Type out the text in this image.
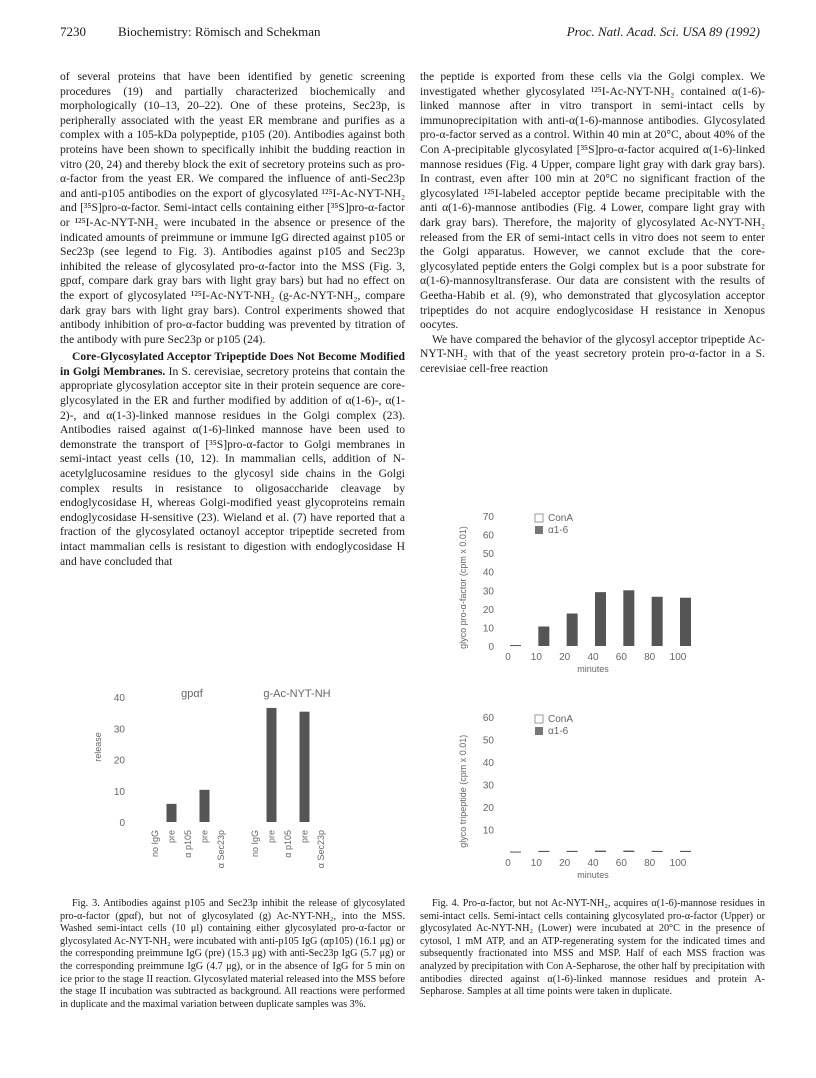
7230 Biochemistry: Römisch and Schekman	Proc. Natl. Acad. Sci. USA 89 (1992)

of several proteins that have been identified by genetic screening procedures (19) and partially characterized biochemically and morphologically (10–13, 20–22). One of these proteins, Sec23p, is peripherally associated with the yeast ER membrane and purifies as a complex with a 105-kDa polypeptide, p105 (20). Antibodies against both proteins have been shown to specifically inhibit the budding reaction in vitro (20, 24) and thereby block the exit of secretory proteins such as pro-α-factor from the yeast ER. We compared the influence of anti-Sec23p and anti-p105 antibodies on the export of glycosylated ¹²⁵I-Ac-NYT-NH₂ and [³⁵S]pro-α-factor. Semi-intact cells containing either [³⁵S]pro-α-factor or ¹²⁵I-Ac-NYT-NH₂ were incubated in the absence or presence of the indicated amounts of preimmune or immune IgG directed against p105 or Sec23p (see legend to Fig. 3). Antibodies against p105 and Sec23p inhibited the release of glycosylated pro-α-factor into the MSS (Fig. 3, gpαf, compare dark gray bars with light gray bars) but had no effect on the export of glycosylated ¹²⁵I-Ac-NYT-NH₂ (g-Ac-NYT-NH₂, compare dark gray bars with light gray bars). Control experiments showed that antibody inhibition of pro-α-factor budding was prevented by titration of the antibody with pure Sec23p or p105 (24).

Core-Glycosylated Acceptor Tripeptide Does Not Become Modified in Golgi Membranes. In S. cerevisiae, secretory proteins that contain the appropriate glycosylation acceptor site in their protein sequence are core-glycosylated in the ER and further modified by addition of α(1-6)-, α(1-2)-, and α(1-3)-linked mannose residues in the Golgi complex (23). Antibodies raised against α(1-6)-linked mannose have been used to demonstrate the transport of [³⁵S]pro-α-factor to Golgi membranes in semi-intact yeast cells (10, 12). In mammalian cells, addition of N-acetylglucosamine residues to the glycosyl side chains in the Golgi complex results in resistance to oligosaccharide cleavage by endoglycosidase H, whereas Golgi-modified yeast glycoproteins remain endoglycosidase H-sensitive (23). Wieland et al. (7) have reported that a fraction of the glycosylated octanoyl acceptor tripeptide secreted from intact mammalian cells is resistant to digestion with endoglycosidase H and have concluded that

0
10
20
30
40
release
gpαf
no IgG pre α p105 pre α Sec23p
g-Ac-NYT-NH
no IgG pre α p105 pre α Sec23p

Fig. 3. Antibodies against p105 and Sec23p inhibit the release of glycosylated pro-α-factor (gpαf), but not of glycosylated (g) Ac-NYT-NH₂, into the MSS. Washed semi-intact cells (10 μl) containing either glycosylated pro-α-factor or glycosylated Ac-NYT-NH₂ were incubated with anti-p105 IgG (αp105) (16.1 μg) or the corresponding preimmune IgG (pre) (15.3 μg) with anti-Sec23p IgG (5.7 μg) or the corresponding preimmune IgG (4.7 μg), or in the absence of IgG for 5 min on ice prior to the stage II reaction. Glycosylated material released into the MSS before the stage II incubation was subtracted as background. All reactions were performed in duplicate and the maximal variation between duplicate samples was 3%.

the peptide is exported from these cells via the Golgi complex. We investigated whether glycosylated ¹²⁵I-Ac-NYT-NH₂ contained α(1-6)-linked mannose after in vitro transport in semi-intact cells by immunoprecipitation with anti-α(1-6)-mannose antibodies. Glycosylated pro-α-factor served as a control. Within 40 min at 20°C, about 40% of the Con A-precipitable glycosylated [³⁵S]pro-α-factor acquired α(1-6)-linked mannose residues (Fig. 4 Upper, compare light gray with dark gray bars). In contrast, even after 100 min at 20°C no significant fraction of the glycosylated ¹²⁵I-labeled acceptor peptide became precipitable with the anti α(1-6)-mannose antibodies (Fig. 4 Lower, compare light gray with dark gray bars). Therefore, the majority of glycosylated Ac-NYT-NH₂ released from the ER of semi-intact cells in vitro does not seem to enter the Golgi apparatus. However, we cannot exclude that the core-glycosylated peptide enters the Golgi complex but is a poor substrate for α(1-6)-mannosyltransferase. Our data are consistent with the results of Geetha-Habib et al. (9), who demonstrated that glycosylation acceptor tripeptides do not acquire endoglycosidase H resistance in Xenopus oocytes.

We have compared the behavior of the glycosyl acceptor tripeptide Ac-NYT-NH₂ with that of the yeast secretory protein pro-α-factor in a S. cerevisiae cell-free reaction

0
10
20
30
40
50
60
70
glyco pro-α-factor (cpm x 0.01)
ConA
α1-6
0 10 20 40 60 80 100
minutes
10
20
30
40
50
60
glyco tripeptide (cpm x 0.01)
ConA
α1-6
0 10 20 40 60 80 100
minutes

Fig. 4. Pro-α-factor, but not Ac-NYT-NH₂, acquires α(1-6)-mannose residues in semi-intact cells. Semi-intact cells containing glycosylated pro-α-factor (Upper) or glycosylated Ac-NYT-NH₂ (Lower) were incubated at 20°C in the presence of cytosol, 1 mM ATP, and an ATP-regenerating system for the indicated times and subsequently fractionated into MSS and MSP. Half of each MSS fraction was analyzed by precipitation with Con A-Sepharose, the other half by precipitation with antibodies directed against α(1-6)-linked mannose residues and protein A-Sepharose. Samples at all time points were taken in duplicate.
